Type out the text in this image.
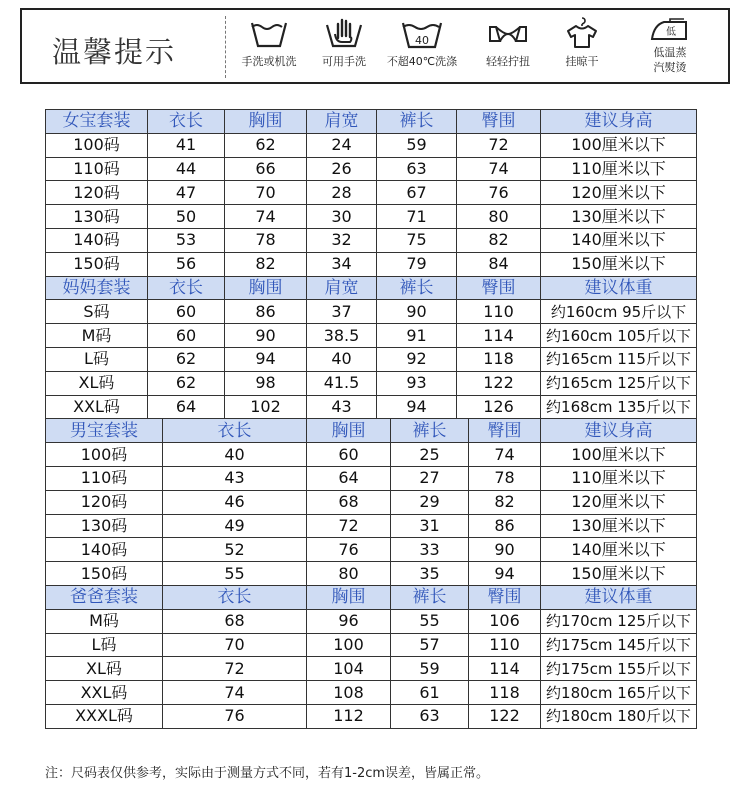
温馨提示	手洗或机洗	可用手洗
40
不超40℃洗涤	轻轻拧扭	挂晾干
低
低温蒸
汽熨烫
女宝套装	衣长		胸围	肩宽	裤长		臀围		建议身高
100码	41		62	24	59		72		100厘米以下
110码	44		66	26	63		74		110厘米以下
120码	47		70	28	67		76		120厘米以下
130码	50		74	30	71		80		130厘米以下
140码	53		78	32	75		82		140厘米以下
150码	56		82	34	79		84		150厘米以下
妈妈套装	衣长		胸围	肩宽	裤长		臀围		建议体重
S码	60		86	37	90		110		约160cm 95斤以下
M码	60		90	38.5	91		114		约160cm 105斤以下
L码	62		94	40	92		118		约165cm 115斤以下
XL码	62		98	41.5	93		122		约165cm 125斤以下
XXL码	64		102	43	94		126		约168cm 135斤以下
男宝套装		衣长		胸围		裤长		臀围	建议身高
100码		40		60		25		74	100厘米以下
110码		43		64		27		78	110厘米以下
120码		46		68		29		82	120厘米以下
130码		49		72		31		86	130厘米以下
140码		52		76		33		90	140厘米以下
150码		55		80		35		94	150厘米以下
爸爸套装		衣长		胸围		裤长		臀围	建议体重
M码		68		96		55		106	约170cm 125斤以下
L码		70		100		57		110	约175cm 145斤以下
XL码		72		104		59		114	约175cm 155斤以下
XXL码		74		108		61		118	约180cm 165斤以下
XXXL码		76		112		63		122	约180cm 180斤以下
注：尺码表仅供参考，实际由于测量方式不同，若有1-2cm误差，皆属正常。
